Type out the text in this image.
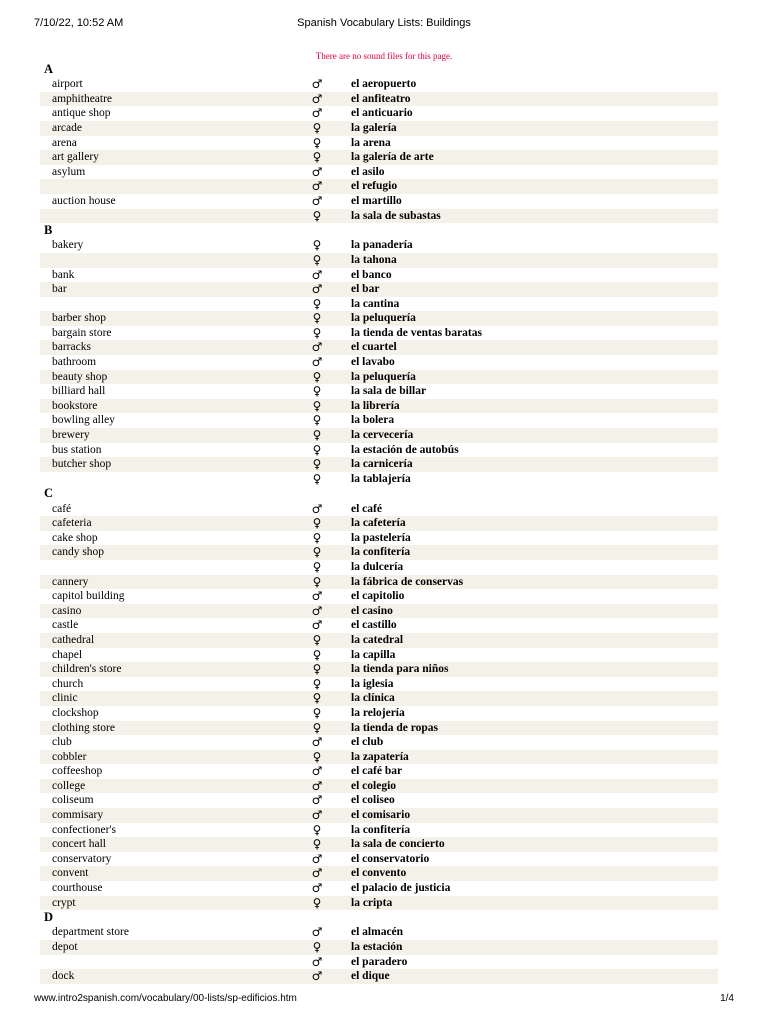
7/10/22, 10:52 AM	Spanish Vocabulary Lists: Buildings
There are no sound files for this page.
A
airport	♂ el aeropuerto
amphitheatre	♂ el anfiteatro
antique shop	♂ el anticuario
arcade	♀	la galería
arena	♀	la arena
art gallery	♀	la galería de arte
asylum	♂ el asilo
♂ el refugio
auction house	♂ el martillo
♀	la sala de subastas
B
bakery	♀	la panadería
♀	la tahona
bank	♂ el banco
bar	♂ el bar
♀	la cantina
barber shop	♀	la peluquería
bargain store	♀	la tienda de ventas baratas
barracks	♂ el cuartel
bathroom	♂ el lavabo
beauty shop	♀	la peluquería
billiard hall	♀	la sala de billar
bookstore	♀	la librería
bowling alley	♀	la bolera
brewery	♀	la cervecería
bus station	♀	la estación de autobús
butcher shop	♀	la carnicería
♀	la tablajería
C
café	♂ el café
cafeteria	♀	la cafetería
cake shop	♀	la pastelería
candy shop	♀	la confitería
♀	la dulcería
cannery	♀	la fábrica de conservas
capitol building	♂ el capitolio
casino	♂ el casino
castle	♂ el castillo
cathedral	♀	la catedral
chapel	♀	la capilla
children's store	♀	la tienda para niños
church	♀	la iglesia
clinic	♀	la clínica
clockshop	♀	la relojería
clothing store	♀	la tienda de ropas
club	♂ el club
cobbler	♀	la zapatería
coffeeshop	♂ el café bar
college	♂ el colegio
coliseum	♂ el coliseo
commisary	♂ el comisario
confectioner's	♀	la confitería
concert hall	♀	la sala de concierto
conservatory	♂ el conservatorio
convent	♂ el convento
courthouse	♂ el palacio de justicia
crypt	♀	la cripta
D
department store	♂ el almacén
depot	♀	la estación
♂ el paradero
dock	♂ el dique
www.intro2spanish.com/vocabulary/00-lists/sp-edificios.htm	1/4
